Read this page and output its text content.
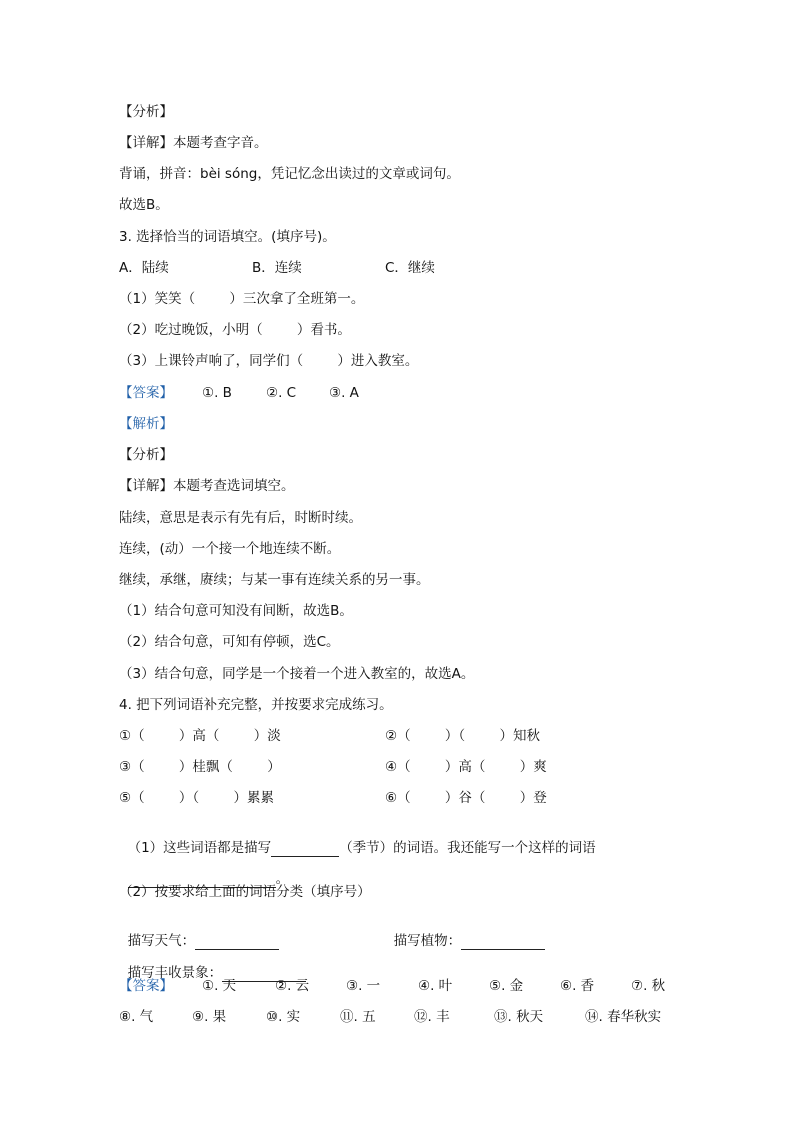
【分析】
【详解】本题考查字音。
背诵，拼音：bèi sóng，凭记忆念出读过的文章或词句。
故选B。
3. 选择恰当的词语填空。(填序号)。
A．陆续	B．连续	C．继续
（1）笑笑（        ）三次拿了全班第一。
（2）吃过晚饭，小明（        ）看书。
（3）上课铃声响了，同学们（        ）进入教室。
【答案】 ①. B	②. C ③. A
【解析】
【分析】
【详解】本题考查选词填空。
陆续，意思是表示有先有后，时断时续。
连续，(动）一个接一个地连续不断。
继续，承继，赓续；与某一事有连续关系的另一事。
（1）结合句意可知没有间断，故选B。
（2）结合句意，可知有停顿，选C。
（3）结合句意，同学是一个接着一个进入教室的，故选A。
4. 把下列词语补充完整，并按要求完成练习。
①（        ）高（        ）淡	②（        ）（        ）知秋
③（        ）桂飘（        ）	④（        ）高（        ）爽
⑤（        ）（        ）累累	⑥（        ）谷（        ）登

（1）这些词语都是描写	（季节）的词语。我还能写一个这样的词语

。

（2）按要求给上面的词语分类（填序号）

描写天气：	描写植物：

描写丰收景象：

【答案】 ①. 天	②. 云	③. 一	④. 叶	⑤. 金	⑥. 香	⑦. 秋
⑧. 气	⑨. 果	⑩. 实	⑪. 五	⑫. 丰	⑬. 秋天	⑭. 春华秋实
